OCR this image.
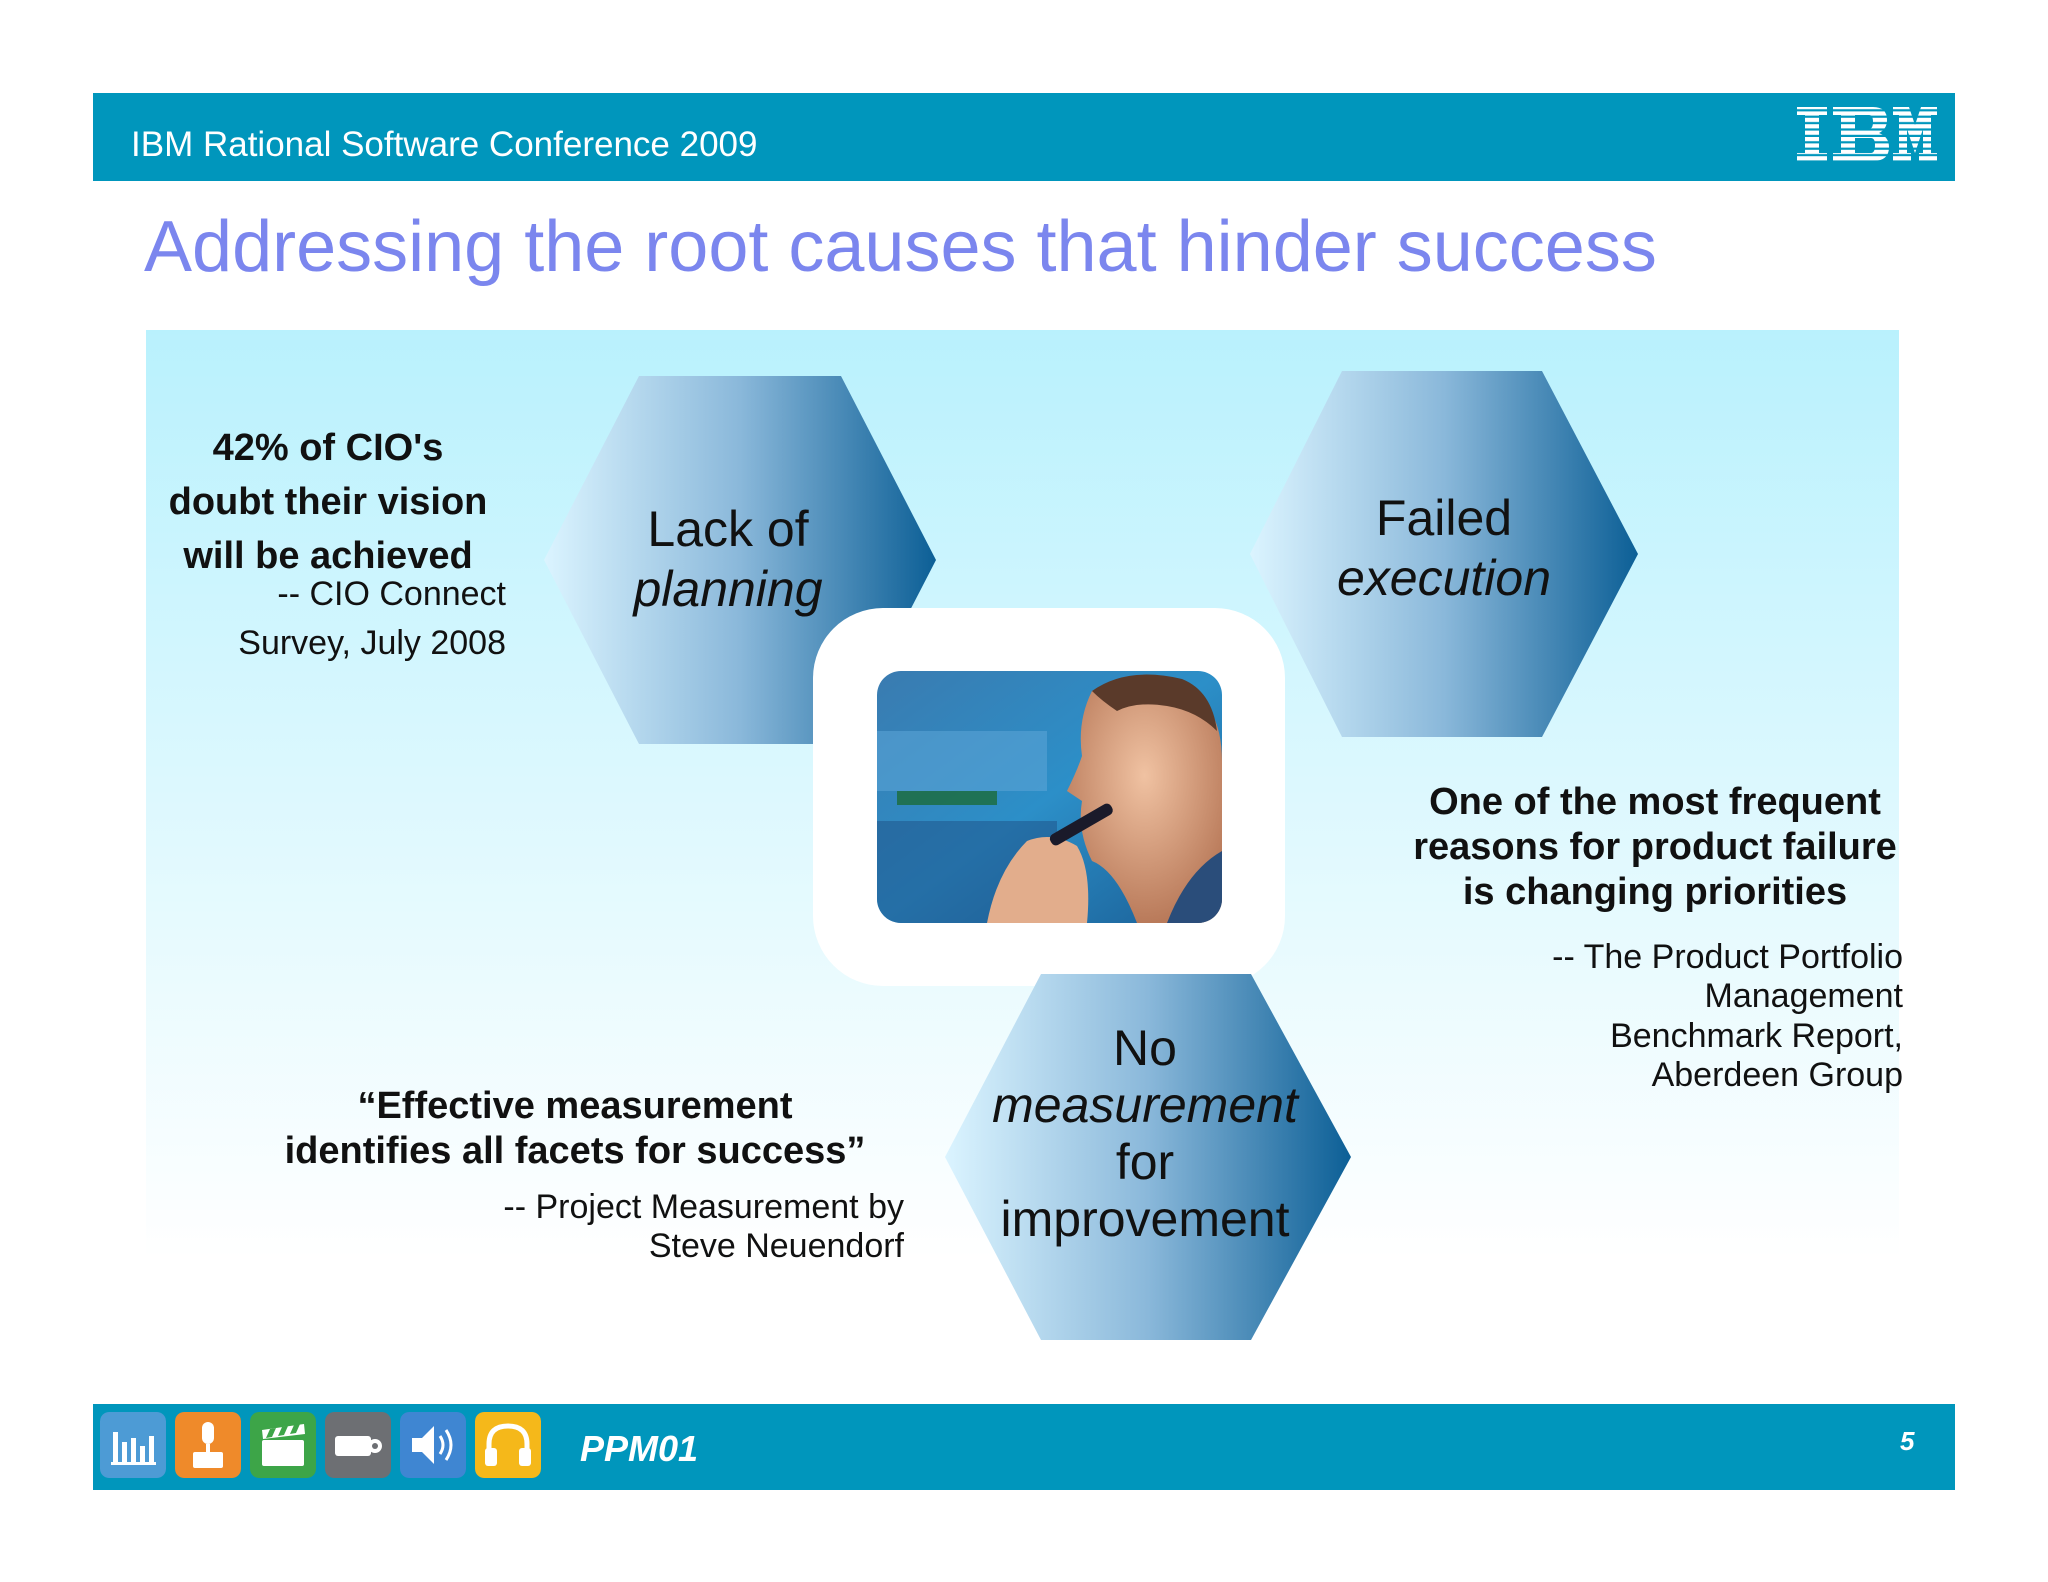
IBM Rational Software Conference 2009
Addressing the root causes that hinder success
Lack of
planning
Failed
execution
No
measurement
for
improvement
42% of CIO's
doubt their vision
will be achieved
-- CIO Connect
Survey, July 2008
One of the most frequent
reasons for product failure
is changing priorities
-- The Product Portfolio
Management
Benchmark Report,
Aberdeen Group
“Effective measurement
identifies all facets for success”
-- Project Measurement by
Steve Neuendorf
PPM01	5
